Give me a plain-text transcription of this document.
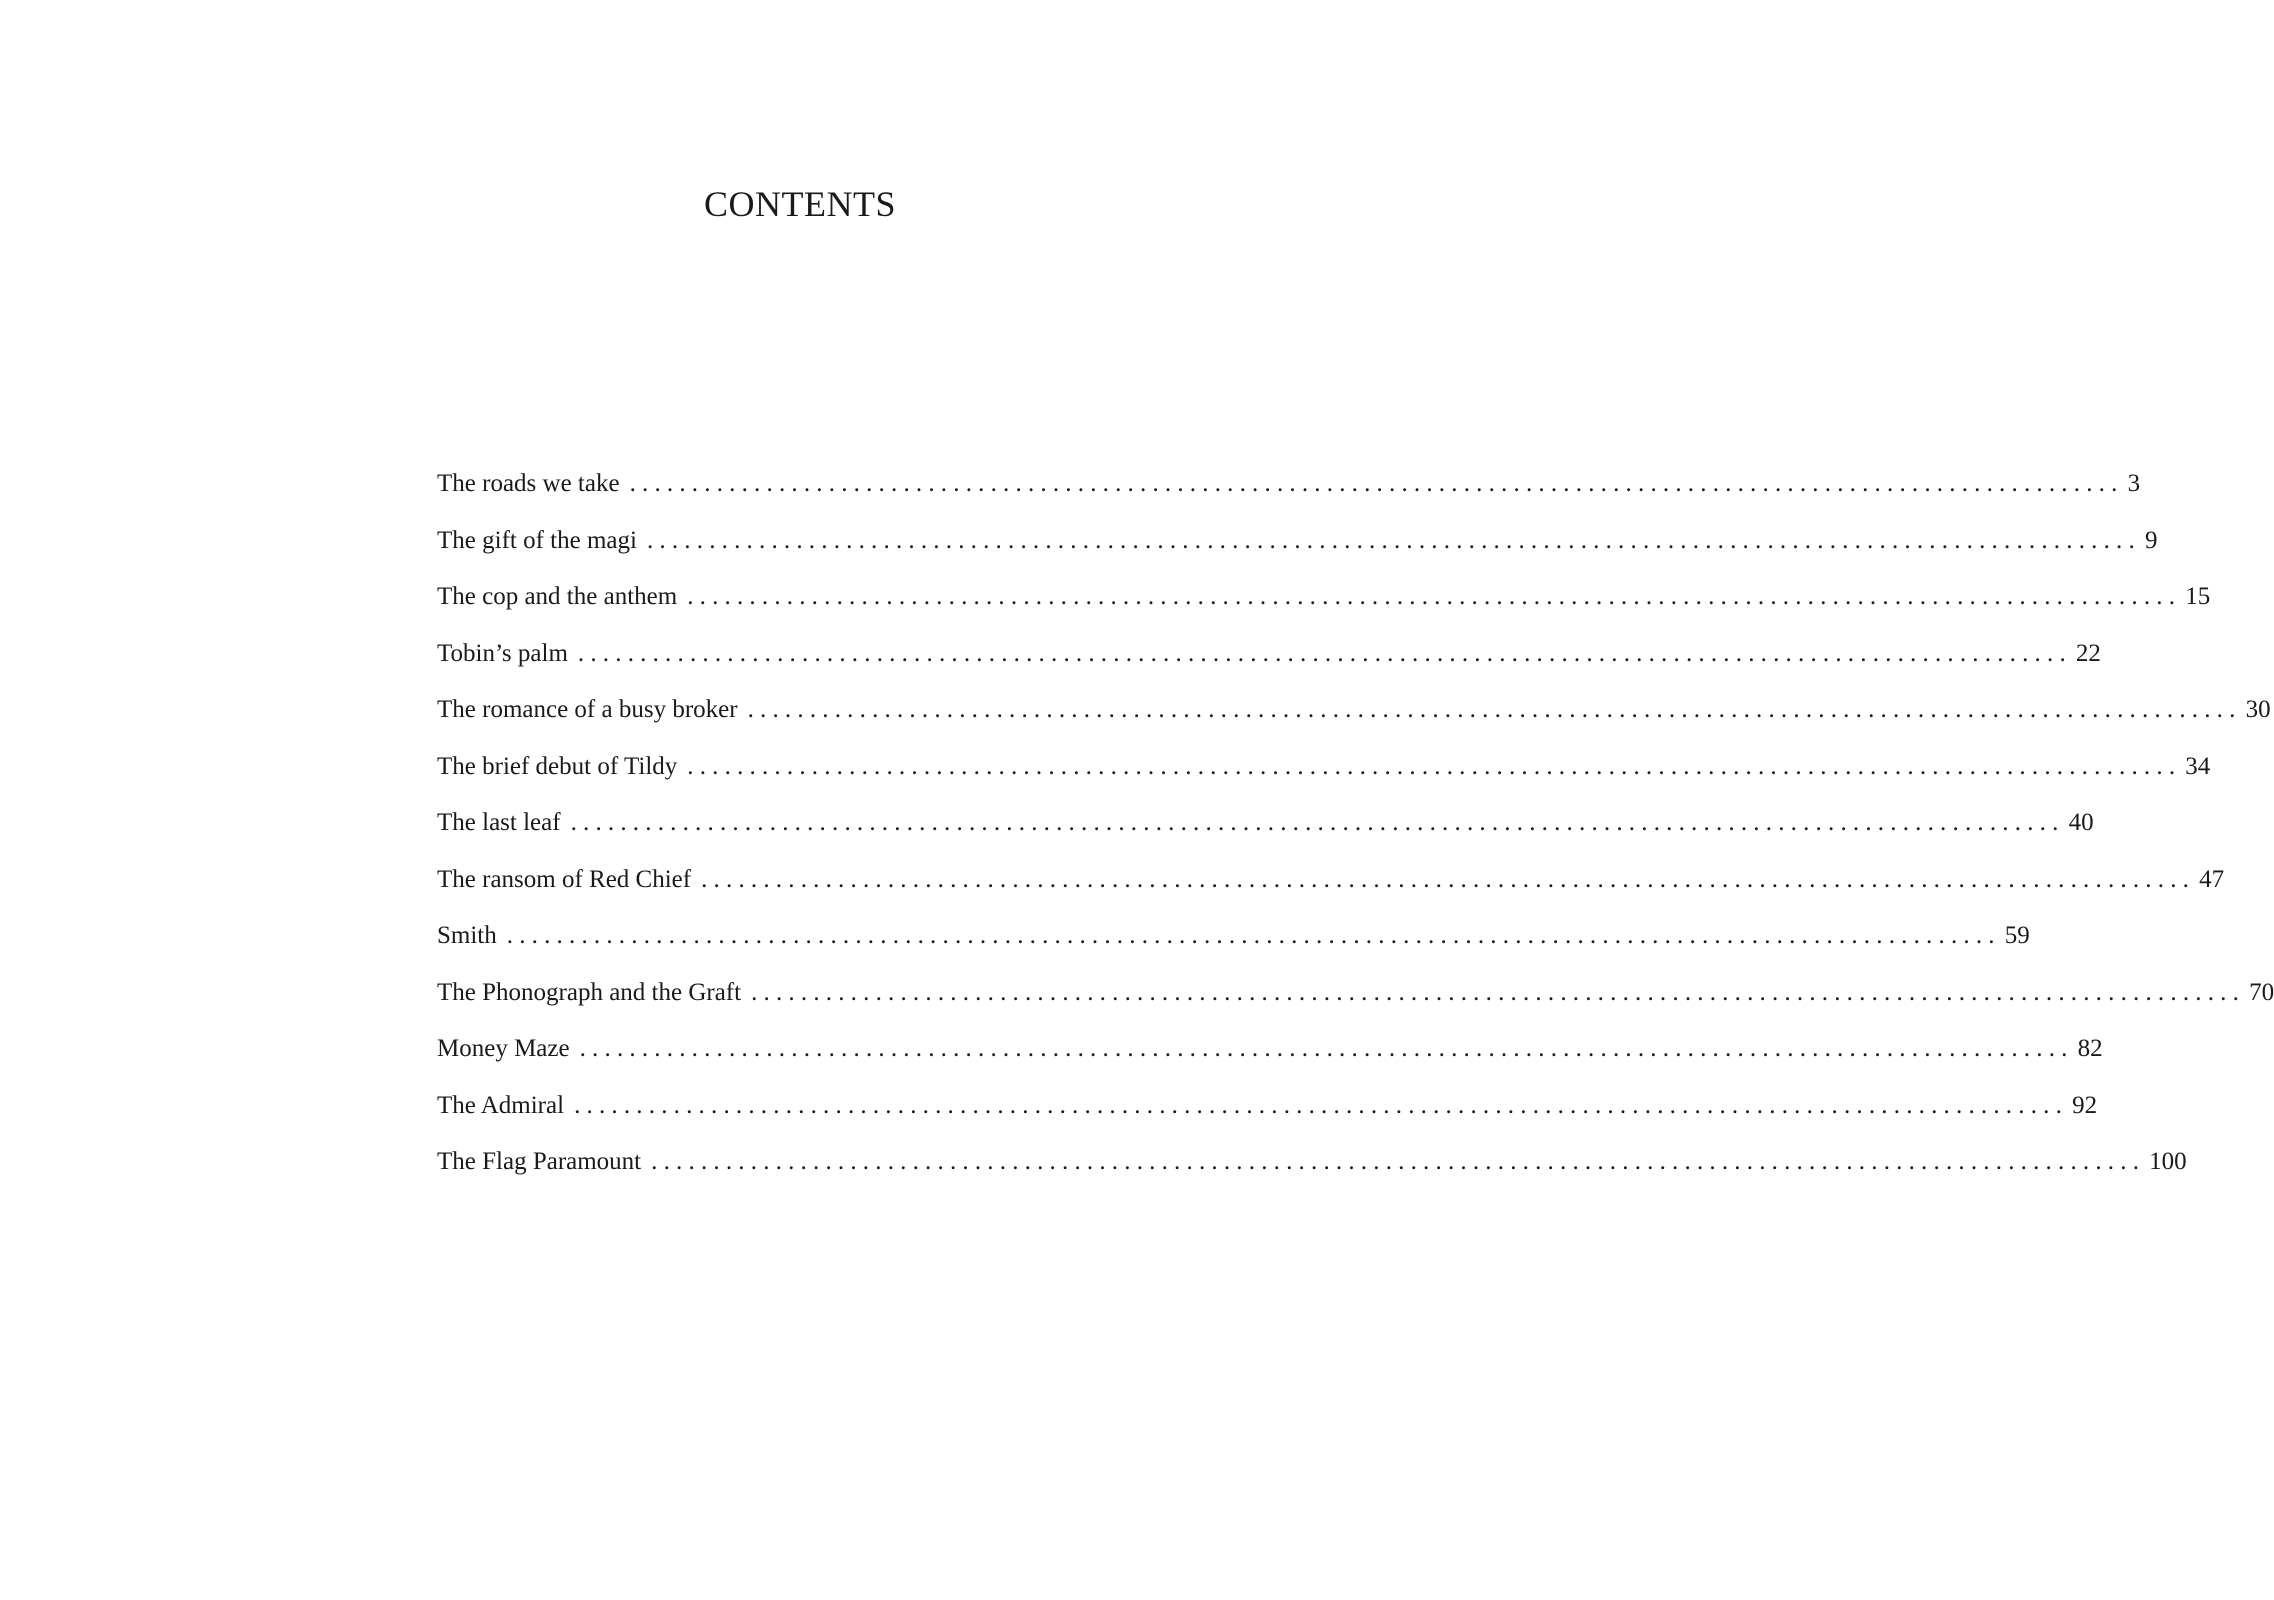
CONTENTS
The roads we take ........................................................................................................................ 3
The gift of the magi ........................................................................................................................ 9
The cop and the anthem ........................................................................................................................ 15
Tobin’s palm ........................................................................................................................ 22
The romance of a busy broker ........................................................................................................................ 30
The brief debut of Tildy ........................................................................................................................ 34
The last leaf ........................................................................................................................ 40
The ransom of Red Chief ........................................................................................................................ 47
Smith ........................................................................................................................ 59
The Phonograph and the Graft ........................................................................................................................ 70
Money Maze ........................................................................................................................ 82
The Admiral ........................................................................................................................ 92
The Flag Paramount ........................................................................................................................ 100
